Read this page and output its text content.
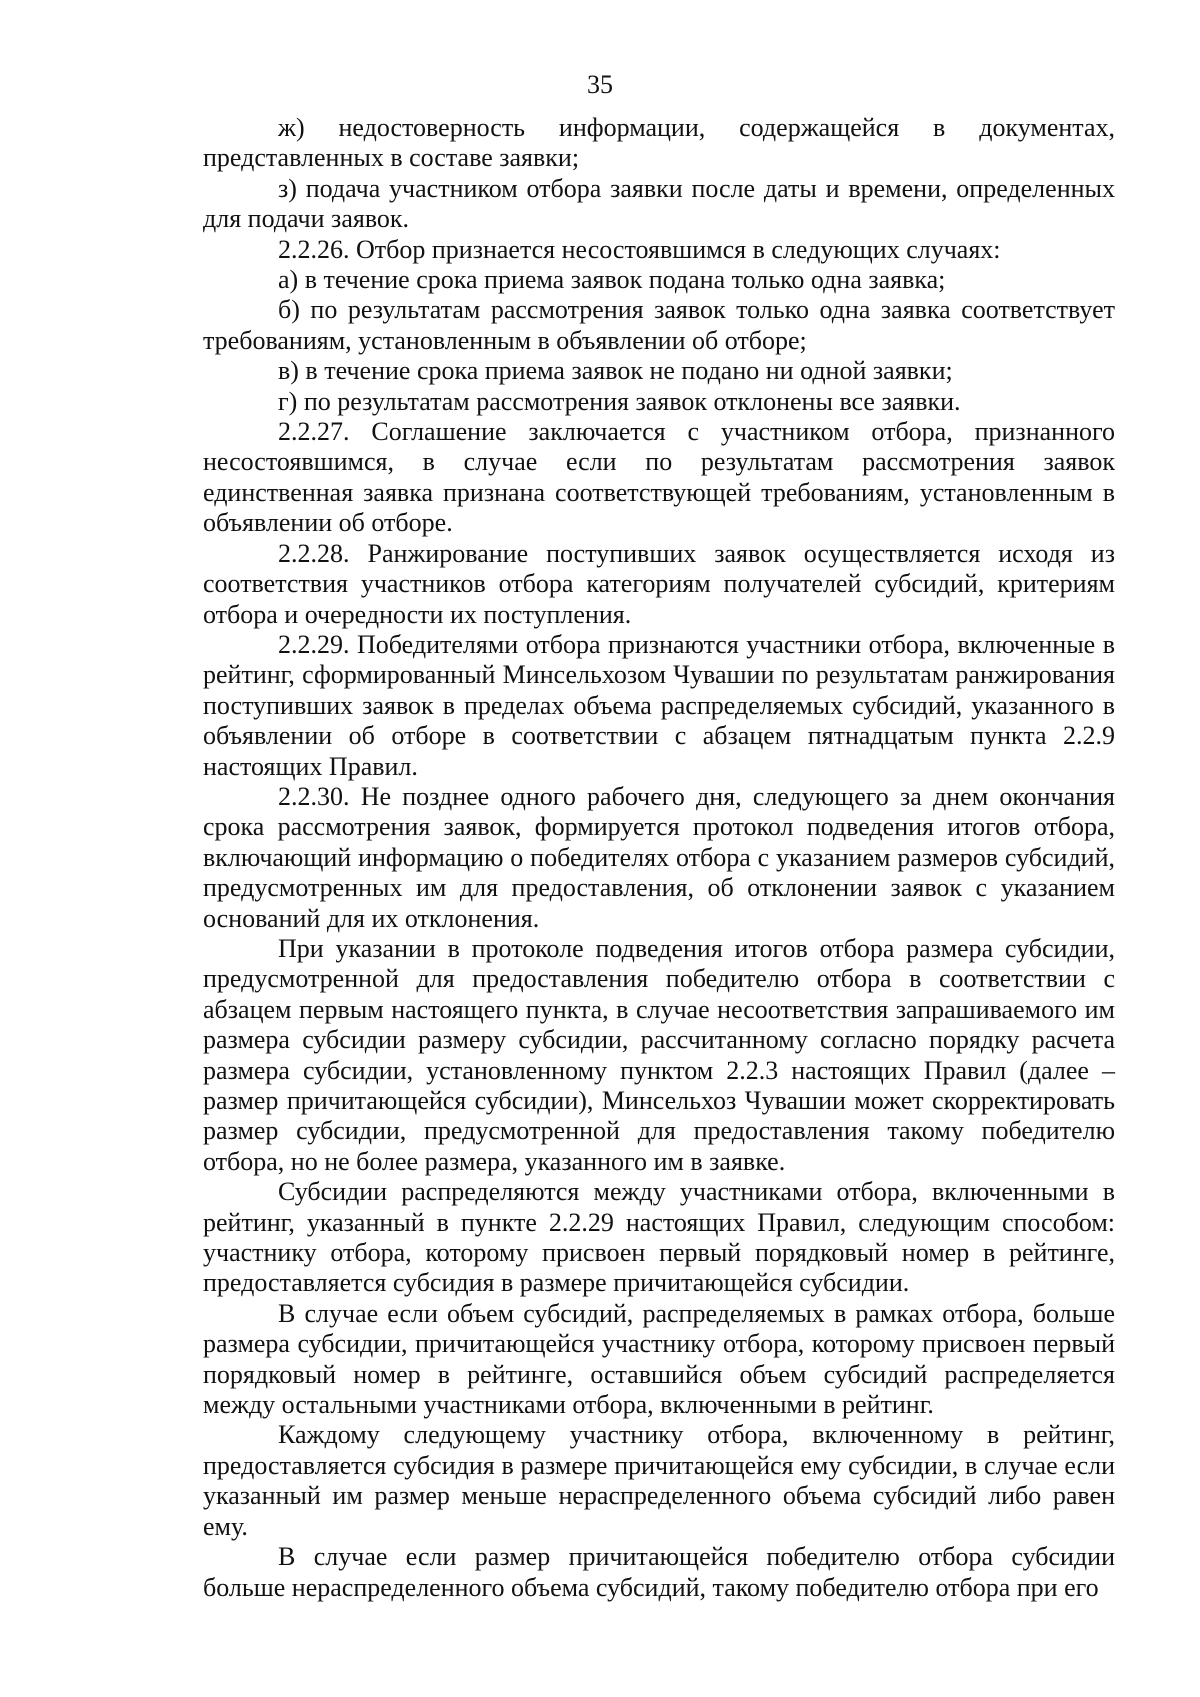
35

ж) недостоверность информации, содержащейся в документах, представленных в составе заявки;

з) подача участником отбора заявки после даты и времени, определенных для подачи заявок.

2.2.26. Отбор признается несостоявшимся в следующих случаях:

а) в течение срока приема заявок подана только одна заявка;

б) по результатам рассмотрения заявок только одна заявка соответствует требованиям, установленным в объявлении об отборе;

в) в течение срока приема заявок не подано ни одной заявки;

г) по результатам рассмотрения заявок отклонены все заявки.

2.2.27. Соглашение заключается с участником отбора, признанного несостоявшимся, в случае если по результатам рассмотрения заявок единственная заявка признана соответствующей требованиям, установленным в объявлении об отборе.

2.2.28. Ранжирование поступивших заявок осуществляется исходя из соответствия участников отбора категориям получателей субсидий, критериям отбора и очередности их поступления.

2.2.29. Победителями отбора признаются участники отбора, включенные в рейтинг, сформированный Минсельхозом Чувашии по результатам ранжирования поступивших заявок в пределах объема распределяемых субсидий, указанного в объявлении об отборе в соответствии с абзацем пятнадцатым пункта 2.2.9 настоящих Правил.

2.2.30. Не позднее одного рабочего дня, следующего за днем окончания срока рассмотрения заявок, формируется протокол подведения итогов отбора, включающий информацию о победителях отбора с указанием размеров субсидий, предусмотренных им для предоставления, об отклонении заявок с указанием оснований для их отклонения.

При указании в протоколе подведения итогов отбора размера субсидии, предусмотренной для предоставления победителю отбора в соответствии с абзацем первым настоящего пункта, в случае несоответствия запрашиваемого им размера субсидии размеру субсидии, рассчитанному согласно порядку расчета размера субсидии, установленному пунктом 2.2.3 настоящих Правил (далее – размер причитающейся субсидии), Минсельхоз Чувашии может скорректировать размер субсидии, предусмотренной для предоставления такому победителю отбора, но не более размера, указанного им в заявке.

Субсидии распределяются между участниками отбора, включенными в рейтинг, указанный в пункте 2.2.29 настоящих Правил, следующим способом: участнику отбора, которому присвоен первый порядковый номер в рейтинге, предоставляется субсидия в размере причитающейся субсидии.

В случае если объем субсидий, распределяемых в рамках отбора, больше размера субсидии, причитающейся участнику отбора, которому присвоен первый порядковый номер в рейтинге, оставшийся объем субсидий распределяется между остальными участниками отбора, включенными в рейтинг.

Каждому следующему участнику отбора, включенному в рейтинг, предоставляется субсидия в размере причитающейся ему субсидии, в случае если указанный им размер меньше нераспределенного объема субсидий либо равен ему.

В случае если размер причитающейся победителю отбора субсидии больше нераспределенного объема субсидий, такому победителю отбора при его
